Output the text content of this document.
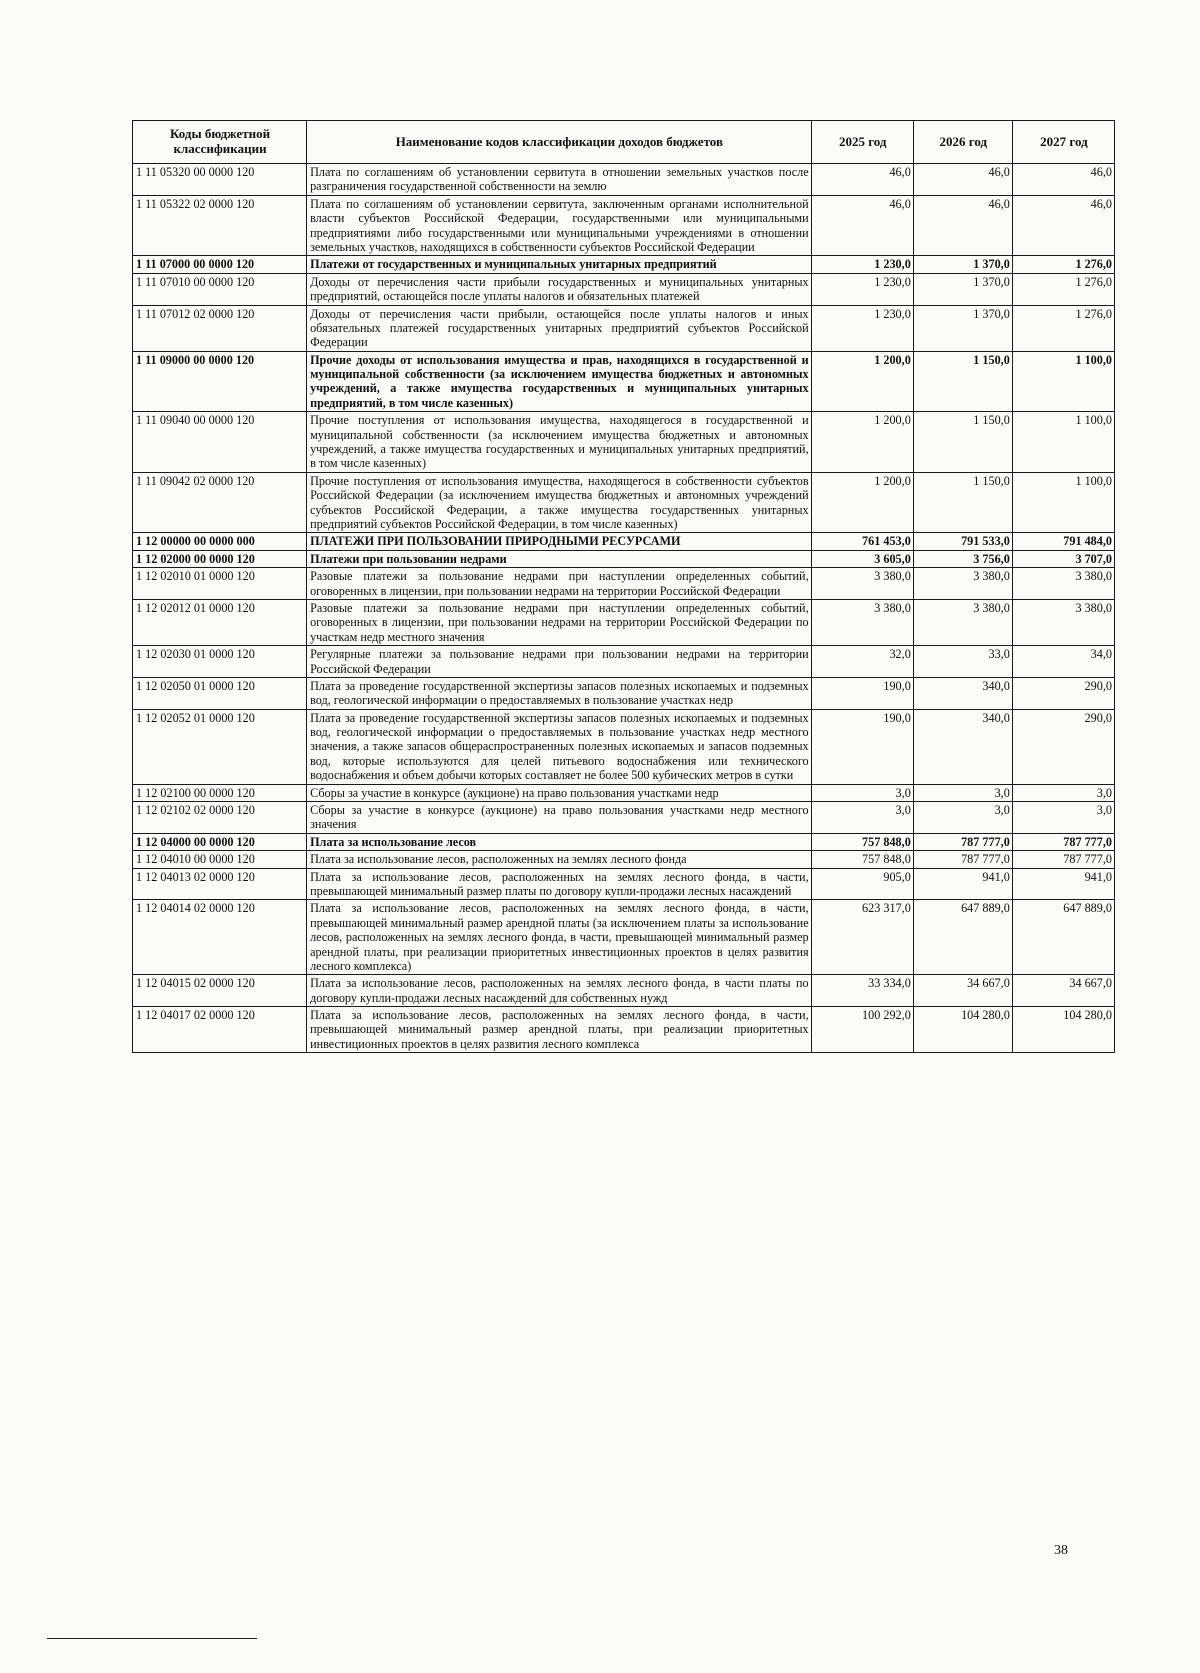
Коды бюджетной классификации	Наименование кодов классификации доходов бюджетов	2025 год	2026 год	2027 год
1 11 05320 00 0000 120	Плата по соглашениям об установлении сервитута в отношении земельных участков после разграничения государственной собственности на землю	46,0	46,0	46,0
1 11 05322 02 0000 120	Плата по соглашениям об установлении сервитута, заключенным органами исполнительной власти субъектов Российской Федерации, государственными или муниципальными предприятиями либо государственными или муниципальными учреждениями в отношении земельных участков, находящихся в собственности субъектов Российской Федерации	46,0	46,0	46,0
1 11 07000 00 0000 120	Платежи от государственных и муниципальных унитарных предприятий	1 230,0	1 370,0	1 276,0
1 11 07010 00 0000 120	Доходы от перечисления части прибыли государственных и муниципальных унитарных предприятий, остающейся после уплаты налогов и обязательных платежей	1 230,0	1 370,0	1 276,0
1 11 07012 02 0000 120	Доходы от перечисления части прибыли, остающейся после уплаты налогов и иных обязательных платежей государственных унитарных предприятий субъектов Российской Федерации	1 230,0	1 370,0	1 276,0
1 11 09000 00 0000 120	Прочие доходы от использования имущества и прав, находящихся в государственной и муниципальной собственности (за исключением имущества бюджетных и автономных учреждений, а также имущества государственных и муниципальных унитарных предприятий, в том числе казенных)	1 200,0	1 150,0	1 100,0
1 11 09040 00 0000 120	Прочие поступления от использования имущества, находящегося в государственной и муниципальной собственности (за исключением имущества бюджетных и автономных учреждений, а также имущества государственных и муниципальных унитарных предприятий, в том числе казенных)	1 200,0	1 150,0	1 100,0
1 11 09042 02 0000 120	Прочие поступления от использования имущества, находящегося в собственности субъектов Российской Федерации (за исключением имущества бюджетных и автономных учреждений субъектов Российской Федерации, а также имущества государственных унитарных предприятий субъектов Российской Федерации, в том числе казенных)	1 200,0	1 150,0	1 100,0
1 12 00000 00 0000 000	ПЛАТЕЖИ ПРИ ПОЛЬЗОВАНИИ ПРИРОДНЫМИ РЕСУРСАМИ	761 453,0	791 533,0	791 484,0
1 12 02000 00 0000 120	Платежи при пользовании недрами	3 605,0	3 756,0	3 707,0
1 12 02010 01 0000 120	Разовые платежи за пользование недрами при наступлении определенных событий, оговоренных в лицензии, при пользовании недрами на территории Российской Федерации	3 380,0	3 380,0	3 380,0
1 12 02012 01 0000 120	Разовые платежи за пользование недрами при наступлении определенных событий, оговоренных в лицензии, при пользовании недрами на территории Российской Федерации по участкам недр местного значения	3 380,0	3 380,0	3 380,0
1 12 02030 01 0000 120	Регулярные платежи за пользование недрами при пользовании недрами на территории Российской Федерации	32,0	33,0	34,0
1 12 02050 01 0000 120	Плата за проведение государственной экспертизы запасов полезных ископаемых и подземных вод, геологической информации о предоставляемых в пользование участках недр	190,0	340,0	290,0
1 12 02052 01 0000 120	Плата за проведение государственной экспертизы запасов полезных ископаемых и подземных вод, геологической информации о предоставляемых в пользование участках недр местного значения, а также запасов общераспространенных полезных ископаемых и запасов подземных вод, которые используются для целей питьевого водоснабжения или технического водоснабжения и объем добычи которых составляет не более 500 кубических метров в сутки	190,0	340,0	290,0
1 12 02100 00 0000 120	Сборы за участие в конкурсе (аукционе) на право пользования участками недр	3,0	3,0	3,0
1 12 02102 02 0000 120	Сборы за участие в конкурсе (аукционе) на право пользования участками недр местного значения	3,0	3,0	3,0
1 12 04000 00 0000 120	Плата за использование лесов	757 848,0	787 777,0	787 777,0
1 12 04010 00 0000 120	Плата за использование лесов, расположенных на землях лесного фонда	757 848,0	787 777,0	787 777,0
1 12 04013 02 0000 120	Плата за использование лесов, расположенных на землях лесного фонда, в части, превышающей минимальный размер платы по договору купли-продажи лесных насаждений	905,0	941,0	941,0
1 12 04014 02 0000 120	Плата за использование лесов, расположенных на землях лесного фонда, в части, превышающей минимальный размер арендной платы (за исключением платы за использование лесов, расположенных на землях лесного фонда, в части, превышающей минимальный размер арендной платы, при реализации приоритетных инвестиционных проектов в целях развития лесного комплекса)	623 317,0	647 889,0	647 889,0
1 12 04015 02 0000 120	Плата за использование лесов, расположенных на землях лесного фонда, в части платы по договору купли-продажи лесных насаждений для собственных нужд	33 334,0	34 667,0	34 667,0
1 12 04017 02 0000 120	Плата за использование лесов, расположенных на землях лесного фонда, в части, превышающей минимальный размер арендной платы, при реализации приоритетных инвестиционных проектов в целях развития лесного комплекса	100 292,0	104 280,0	104 280,0
38
